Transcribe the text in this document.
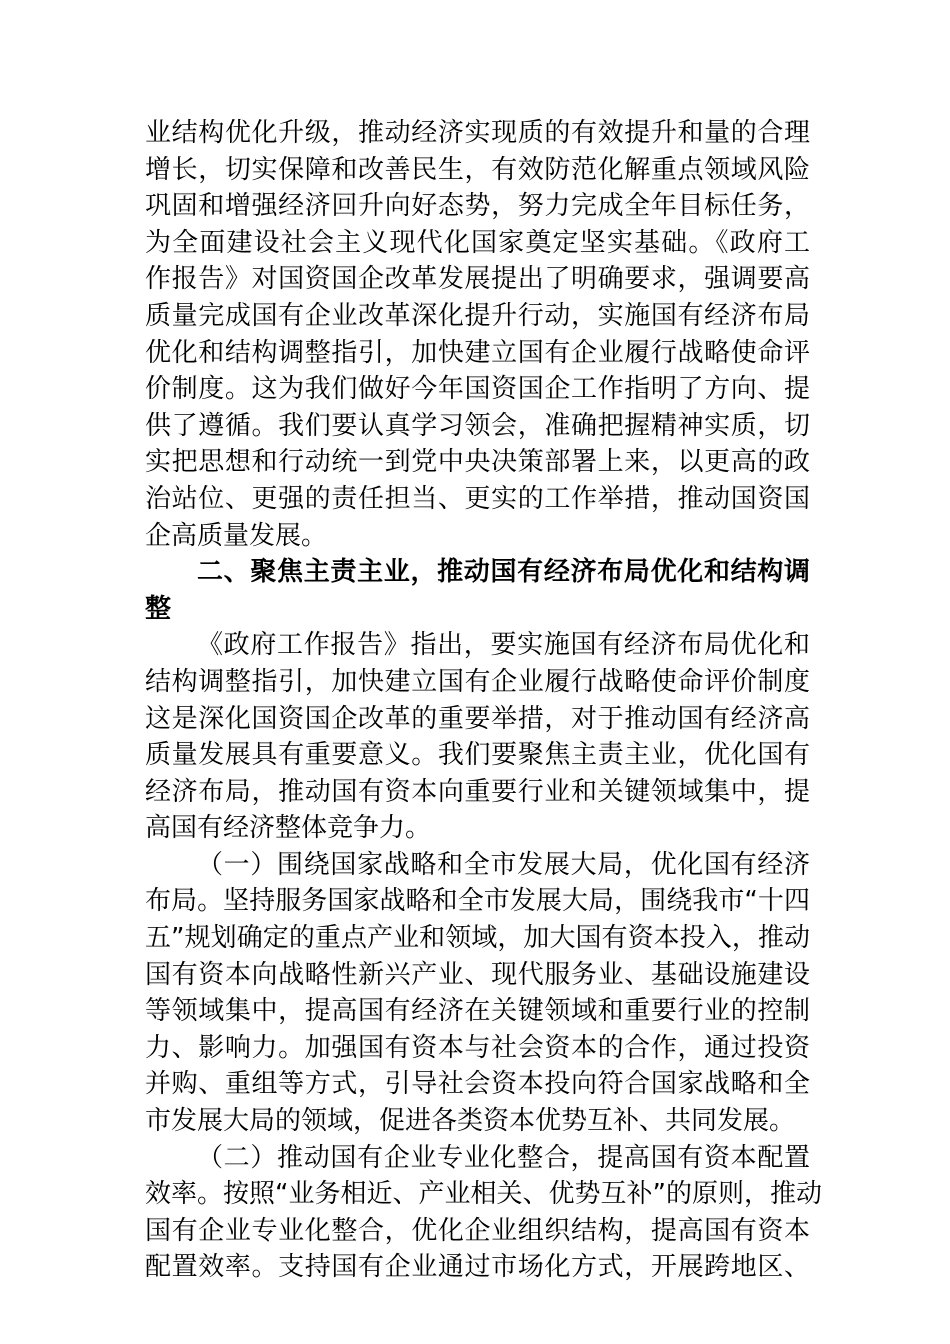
业结构优化升级，推动经济实现质的有效提升和量的合理
增长，切实保障和改善民生，有效防范化解重点领域风险
巩固和增强经济回升向好态势，努力完成全年目标任务，
为全面建设社会主义现代化国家奠定坚实基础。《政府工
作报告》对国资国企改革发展提出了明确要求，强调要高
质量完成国有企业改革深化提升行动，实施国有经济布局
优化和结构调整指引，加快建立国有企业履行战略使命评
价制度。这为我们做好今年国资国企工作指明了方向、提
供了遵循。我们要认真学习领会，准确把握精神实质，切
实把思想和行动统一到党中央决策部署上来，以更高的政
治站位、更强的责任担当、更实的工作举措，推动国资国
企高质量发展。
二、聚焦主责主业，推动国有经济布局优化和结构调
整
《政府工作报告》指出，要实施国有经济布局优化和
结构调整指引，加快建立国有企业履行战略使命评价制度
这是深化国资国企改革的重要举措，对于推动国有经济高
质量发展具有重要意义。我们要聚焦主责主业，优化国有
经济布局，推动国有资本向重要行业和关键领域集中，提
高国有经济整体竞争力。
（一）围绕国家战略和全市发展大局，优化国有经济
布局。坚持服务国家战略和全市发展大局，围绕我市“十四
五”规划确定的重点产业和领域，加大国有资本投入，推动
国有资本向战略性新兴产业、现代服务业、基础设施建设
等领域集中，提高国有经济在关键领域和重要行业的控制
力、影响力。加强国有资本与社会资本的合作，通过投资
并购、重组等方式，引导社会资本投向符合国家战略和全
市发展大局的领域，促进各类资本优势互补、共同发展。
（二）推动国有企业专业化整合，提高国有资本配置
效率。按照“业务相近、产业相关、优势互补”的原则，推动
国有企业专业化整合，优化企业组织结构，提高国有资本
配置效率。支持国有企业通过市场化方式，开展跨地区、
